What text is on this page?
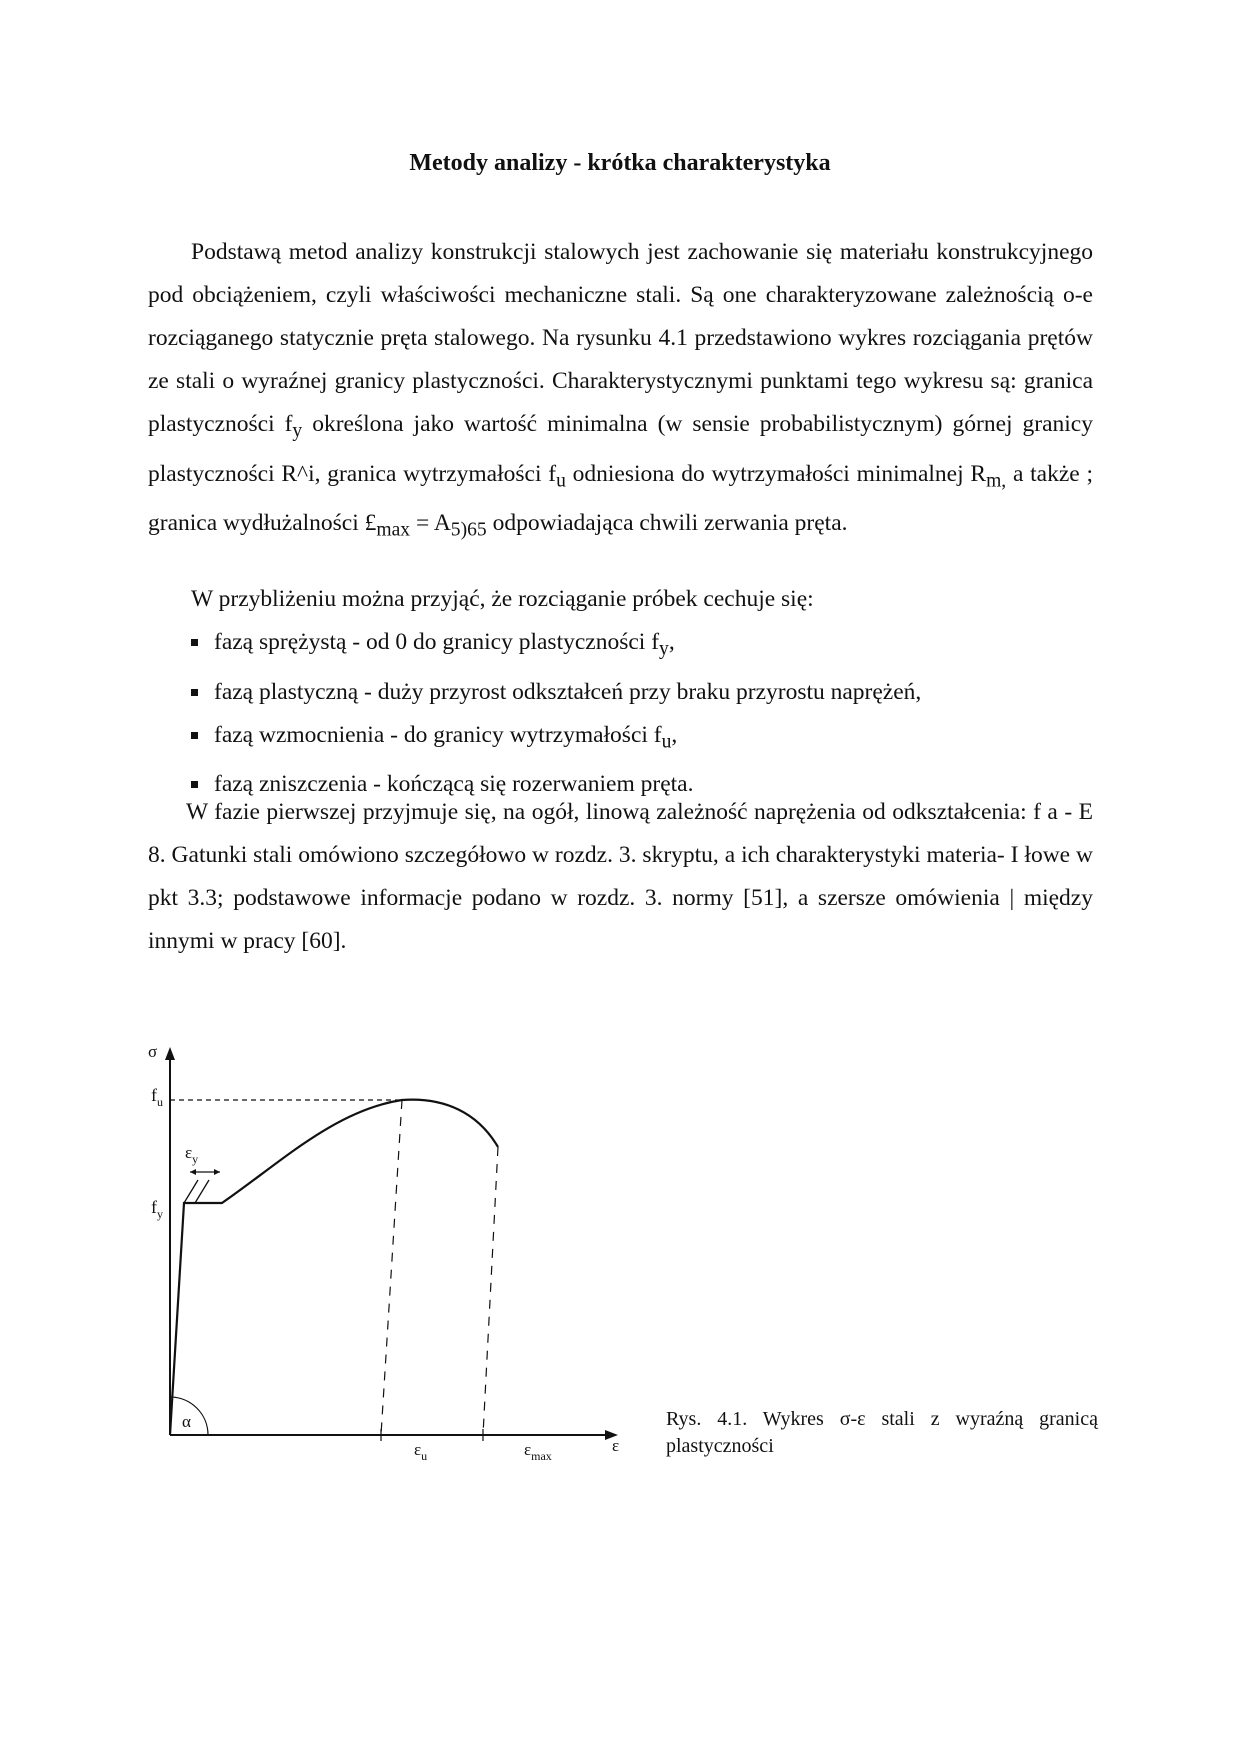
Metody analizy - krótka charakterystyka

Podstawą metod analizy konstrukcji stalowych jest zachowanie się materiału konstrukcyjnego pod obciążeniem, czyli właściwości mechaniczne stali. Są one charakteryzowane zależnością o-e rozciąganego statycznie pręta stalowego. Na rysunku 4.1 przedstawiono wykres rozciągania prętów ze stali o wyraźnej granicy plastyczności. Charakterystycznymi punktami tego wykresu są: granica plastyczności $f_y$ określona jako wartość minimalna (w sensie probabilistycznym) górnej granicy plastyczności R^i, granica wytrzymałości $f_u$ odniesiona do wytrzymałości minimalnej $R_{m,}$ a także ; granica wydłużalności $£_{max} = A_{5)65}$ odpowiadająca chwili zerwania pręta.

W przybliżeniu można przyjąć, że rozciąganie próbek cechuje się:

fazą sprężystą - od 0 do granicy plastyczności $f_y$,
fazą plastyczną - duży przyrost odkształceń przy braku przyrostu naprężeń,
fazą wzmocnienia - do granicy wytrzymałości $f_u$,
fazą zniszczenia - kończącą się rozerwaniem pręta.

W fazie pierwszej przyjmuje się, na ogół, linową zależność naprężenia od odkształcenia: f a - E 8. Gatunki stali omówiono szczegółowo w rozdz. 3. skryptu, a ich charakterystyki materia- I łowe w pkt 3.3; podstawowe informacje podano w rozdz. 3. normy [51], a szersze omówienia | między innymi w pracy [60].

σ
ε
$f_u$
$f_y$
$\varepsilon_y$
α
$\varepsilon_u$	$\varepsilon_{max}$
Rys. 4.1. Wykres σ-ε stali z wyraźną granicą plastyczności
